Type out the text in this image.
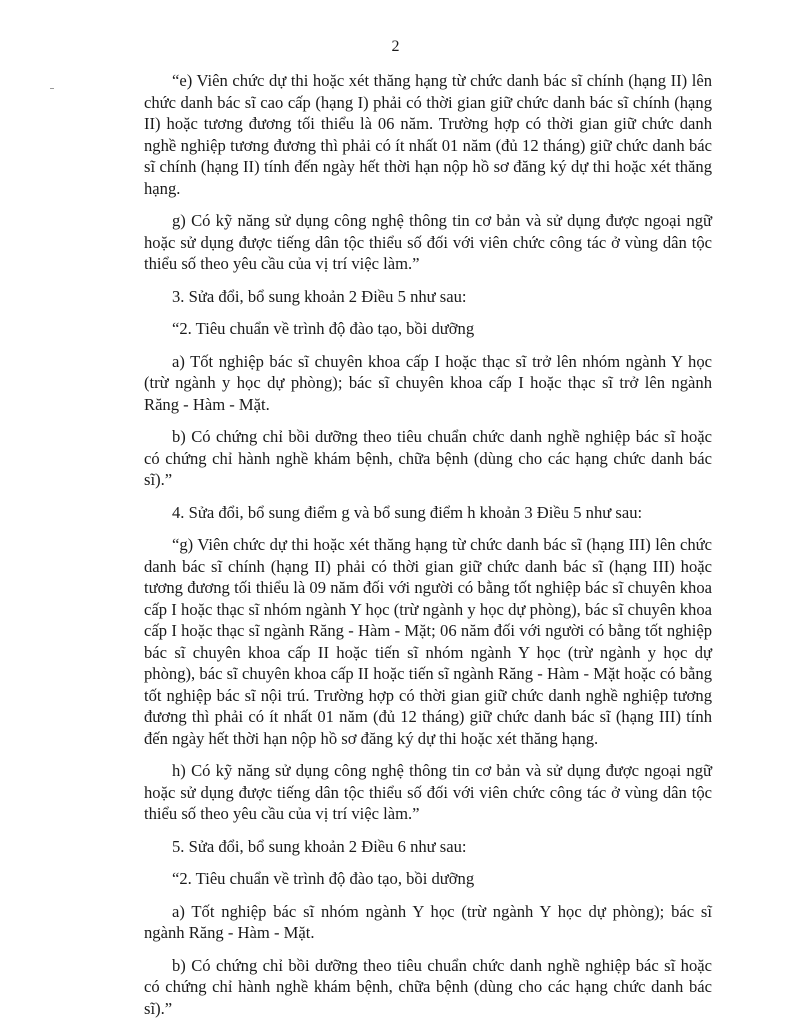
2

“e) Viên chức dự thi hoặc xét thăng hạng từ chức danh bác sĩ chính (hạng II) lên chức danh bác sĩ cao cấp (hạng I) phải có thời gian giữ chức danh bác sĩ chính (hạng II) hoặc tương đương tối thiểu là 06 năm. Trường hợp có thời gian giữ chức danh nghề nghiệp tương đương thì phải có ít nhất 01 năm (đủ 12 tháng) giữ chức danh bác sĩ chính (hạng II) tính đến ngày hết thời hạn nộp hồ sơ đăng ký dự thi hoặc xét thăng hạng.

g) Có kỹ năng sử dụng công nghệ thông tin cơ bản và sử dụng được ngoại ngữ hoặc sử dụng được tiếng dân tộc thiểu số đối với viên chức công tác ở vùng dân tộc thiểu số theo yêu cầu của vị trí việc làm.”

3. Sửa đổi, bổ sung khoản 2 Điều 5 như sau:

“2. Tiêu chuẩn về trình độ đào tạo, bồi dưỡng

a) Tốt nghiệp bác sĩ chuyên khoa cấp I hoặc thạc sĩ trở lên nhóm ngành Y học (trừ ngành y học dự phòng); bác sĩ chuyên khoa cấp I hoặc thạc sĩ trở lên ngành Răng - Hàm - Mặt.

b) Có chứng chỉ bồi dưỡng theo tiêu chuẩn chức danh nghề nghiệp bác sĩ hoặc có chứng chỉ hành nghề khám bệnh, chữa bệnh (dùng cho các hạng chức danh bác sĩ).”

4. Sửa đổi, bổ sung điểm g và bổ sung điểm h khoản 3 Điều 5 như sau:

“g) Viên chức dự thi hoặc xét thăng hạng từ chức danh bác sĩ (hạng III) lên chức danh bác sĩ chính (hạng II) phải có thời gian giữ chức danh bác sĩ (hạng III) hoặc tương đương tối thiểu là 09 năm đối với người có bằng tốt nghiệp bác sĩ chuyên khoa cấp I hoặc thạc sĩ nhóm ngành Y học (trừ ngành y học dự phòng), bác sĩ chuyên khoa cấp I hoặc thạc sĩ ngành Răng - Hàm - Mặt; 06 năm đối với người có bằng tốt nghiệp bác sĩ chuyên khoa cấp II hoặc tiến sĩ nhóm ngành Y học (trừ ngành y học dự phòng), bác sĩ chuyên khoa cấp II hoặc tiến sĩ ngành Răng - Hàm - Mặt hoặc có bằng tốt nghiệp bác sĩ nội trú. Trường hợp có thời gian giữ chức danh nghề nghiệp tương đương thì phải có ít nhất 01 năm (đủ 12 tháng) giữ chức danh bác sĩ (hạng III) tính đến ngày hết thời hạn nộp hồ sơ đăng ký dự thi hoặc xét thăng hạng.

h) Có kỹ năng sử dụng công nghệ thông tin cơ bản và sử dụng được ngoại ngữ hoặc sử dụng được tiếng dân tộc thiểu số đối với viên chức công tác ở vùng dân tộc thiểu số theo yêu cầu của vị trí việc làm.”

5. Sửa đổi, bổ sung khoản 2 Điều 6 như sau:

“2. Tiêu chuẩn về trình độ đào tạo, bồi dưỡng

a) Tốt nghiệp bác sĩ nhóm ngành Y học (trừ ngành Y học dự phòng); bác sĩ ngành Răng - Hàm - Mặt.

b) Có chứng chỉ bồi dưỡng theo tiêu chuẩn chức danh nghề nghiệp bác sĩ hoặc có chứng chỉ hành nghề khám bệnh, chữa bệnh (dùng cho các hạng chức danh bác sĩ).”
